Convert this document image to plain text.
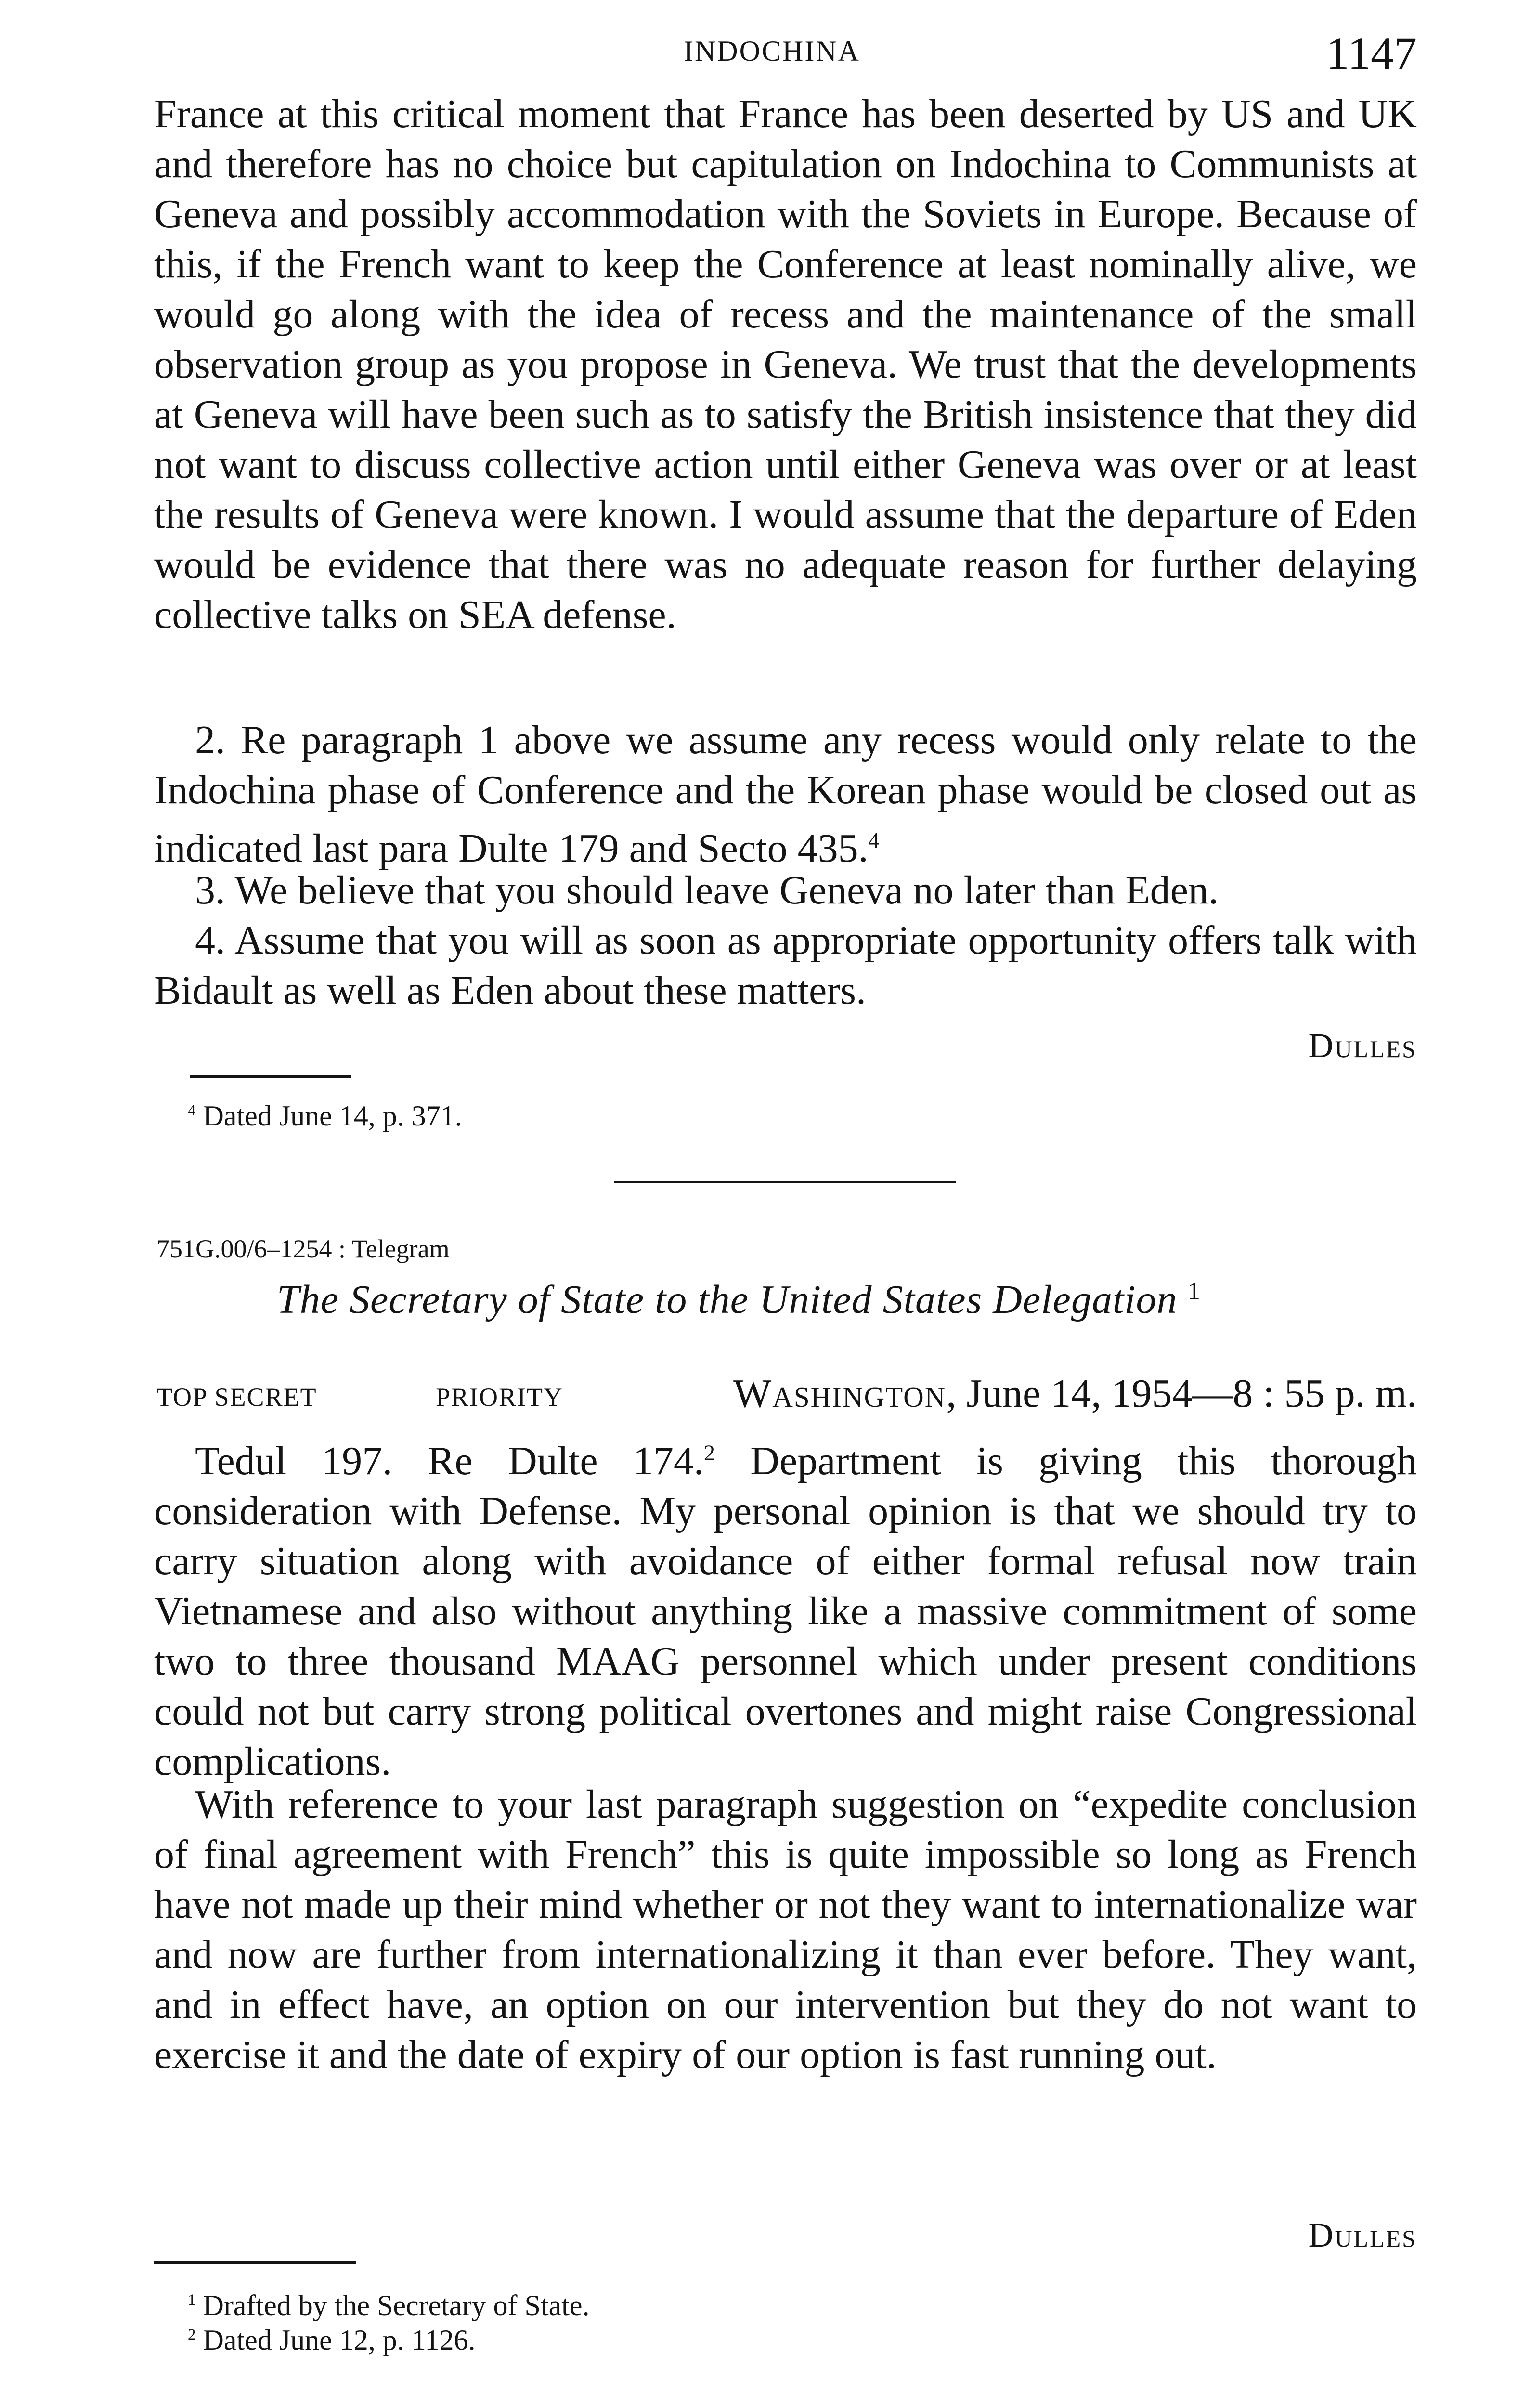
INDOCHINA	1147

France at this critical moment that France has been deserted by US and UK and therefore has no choice but capitulation on Indochina to Communists at Geneva and possibly accommodation with the Soviets in Europe. Because of this, if the French want to keep the Conference at least nominally alive, we would go along with the idea of recess and the maintenance of the small observation group as you propose in Geneva. We trust that the developments at Geneva will have been such as to satisfy the British insistence that they did not want to discuss collective action until either Geneva was over or at least the results of Geneva were known. I would assume that the departure of Eden would be evidence that there was no adequate reason for further delaying collective talks on SEA defense.

2. Re paragraph 1 above we assume any recess would only relate to the Indochina phase of Conference and the Korean phase would be closed out as indicated last para Dulte 179 and Secto 435.$^4$

3. We believe that you should leave Geneva no later than Eden.

4. Assume that you will as soon as appropriate opportunity offers talk with Bidault as well as Eden about these matters.

Dulles
$^4$ Dated June 14, p. 371.
751G.00/6–1254 : Telegram
The Secretary of State to the United States Delegation $^1$
TOP SECRET	PRIORITY	Washington, June 14, 1954—8 : 55 p. m.

Tedul 197. Re Dulte 174.$^2$ Department is giving this thorough consideration with Defense. My personal opinion is that we should try to carry situation along with avoidance of either formal refusal now train Vietnamese and also without anything like a massive commitment of some two to three thousand MAAG personnel which under present conditions could not but carry strong political overtones and might raise Congressional complications.

With reference to your last paragraph suggestion on “expedite conclusion of final agreement with French” this is quite impossible so long as French have not made up their mind whether or not they want to internationalize war and now are further from internationalizing it than ever before. They want, and in effect have, an option on our intervention but they do not want to exercise it and the date of expiry of our option is fast running out.

Dulles
$^1$ Drafted by the Secretary of State.
$^2$ Dated June 12, p. 1126.
